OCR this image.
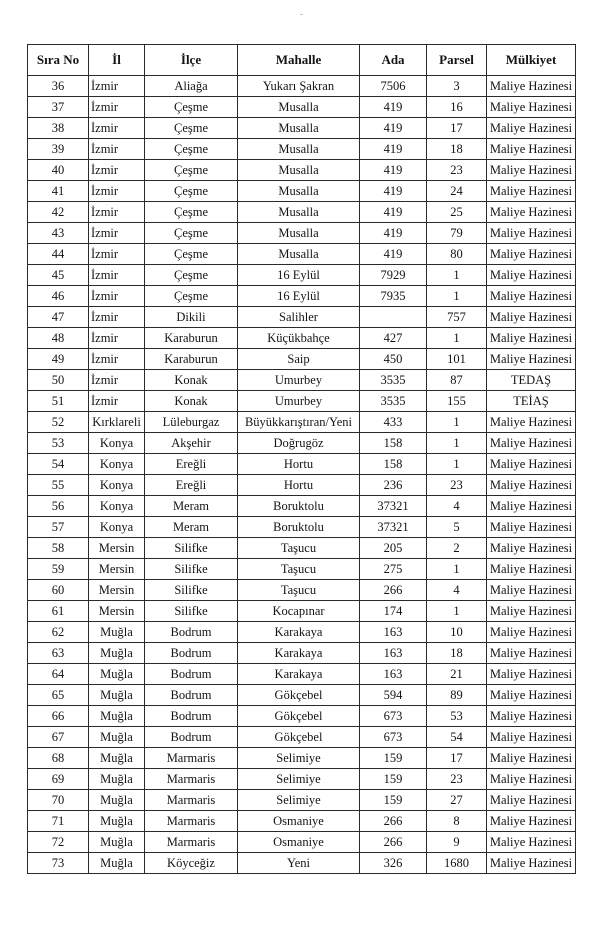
Sıra No	İl	İlçe	Mahalle	Ada	Parsel	Mülkiyet
36	İzmir	Aliağa	Yukarı Şakran	7506	3	Maliye Hazinesi
37	İzmir	Çeşme	Musalla	419	16	Maliye Hazinesi
38	İzmir	Çeşme	Musalla	419	17	Maliye Hazinesi
39	İzmir	Çeşme	Musalla	419	18	Maliye Hazinesi
40	İzmir	Çeşme	Musalla	419	23	Maliye Hazinesi
41	İzmir	Çeşme	Musalla	419	24	Maliye Hazinesi
42	İzmir	Çeşme	Musalla	419	25	Maliye Hazinesi
43	İzmir	Çeşme	Musalla	419	79	Maliye Hazinesi
44	İzmir	Çeşme	Musalla	419	80	Maliye Hazinesi
45	İzmir	Çeşme	16 Eylül	7929	1	Maliye Hazinesi
46	İzmir	Çeşme	16 Eylül	7935	1	Maliye Hazinesi
47	İzmir	Dikili	Salihler		757	Maliye Hazinesi
48	İzmir	Karaburun	Küçükbahçe	427	1	Maliye Hazinesi
49	İzmir	Karaburun	Saip	450	101	Maliye Hazinesi
50	İzmir	Konak	Umurbey	3535	87	TEDAŞ
51	İzmir	Konak	Umurbey	3535	155	TEİAŞ
52	Kırklareli	Lüleburgaz	Büyükkarıştıran/Yeni	433	1	Maliye Hazinesi
53	Konya	Akşehir	Doğrugöz	158	1	Maliye Hazinesi
54	Konya	Ereğli	Hortu	158	1	Maliye Hazinesi
55	Konya	Ereğli	Hortu	236	23	Maliye Hazinesi
56	Konya	Meram	Boruktolu	37321	4	Maliye Hazinesi
57	Konya	Meram	Boruktolu	37321	5	Maliye Hazinesi
58	Mersin	Silifke	Taşucu	205	2	Maliye Hazinesi
59	Mersin	Silifke	Taşucu	275	1	Maliye Hazinesi
60	Mersin	Silifke	Taşucu	266	4	Maliye Hazinesi
61	Mersin	Silifke	Kocapınar	174	1	Maliye Hazinesi
62	Muğla	Bodrum	Karakaya	163	10	Maliye Hazinesi
63	Muğla	Bodrum	Karakaya	163	18	Maliye Hazinesi
64	Muğla	Bodrum	Karakaya	163	21	Maliye Hazinesi
65	Muğla	Bodrum	Gökçebel	594	89	Maliye Hazinesi
66	Muğla	Bodrum	Gökçebel	673	53	Maliye Hazinesi
67	Muğla	Bodrum	Gökçebel	673	54	Maliye Hazinesi
68	Muğla	Marmaris	Selimiye	159	17	Maliye Hazinesi
69	Muğla	Marmaris	Selimiye	159	23	Maliye Hazinesi
70	Muğla	Marmaris	Selimiye	159	27	Maliye Hazinesi
71	Muğla	Marmaris	Osmaniye	266	8	Maliye Hazinesi
72	Muğla	Marmaris	Osmaniye	266	9	Maliye Hazinesi
73	Muğla	Köyceğiz	Yeni	326	1680	Maliye Hazinesi
